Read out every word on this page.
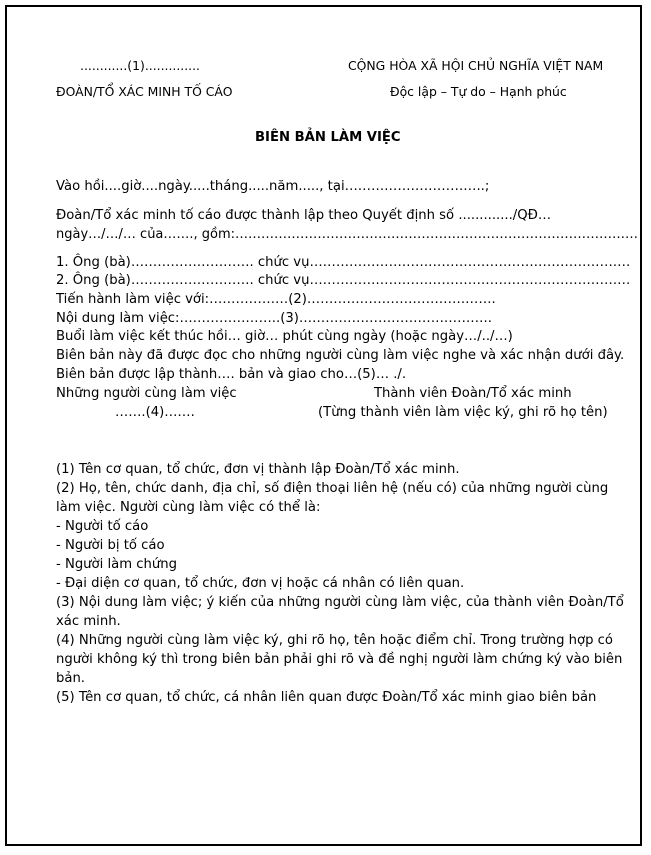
............(1)..............
ĐOÀN/TỔ XÁC MINH TỐ CÁO
CỘNG HÒA XÃ HỘI CHỦ NGHĨA VIỆT NAM
Độc lập – Tự do – Hạnh phúc
BIÊN BẢN LÀM VIỆC
Vào hồi....giờ....ngày.....tháng.....năm....., tại…………………………..;
Đoàn/Tổ xác minh tố cáo được thành lập theo Quyết định số ............./QĐ…
ngày…/…/… của……., gồm:…………………………………………………………………………………
1. Ông (bà)………………………. chức vụ……………………………………………………………….
2. Ông (bà)………………………. chức vụ……………………………………………………………….
Tiến hành làm việc với:………………(2)…………………………………….
Nội dung làm việc:…………………..(3)……………………………………..
Buổi làm việc kết thúc hồi… giờ… phút cùng ngày (hoặc ngày…/../…)
Biên bản này đã được đọc cho những người cùng làm việc nghe và xác nhận dưới đây.
Biên bản được lập thành…. bản và giao cho…(5)… ./.
Những người cùng làm việc
…….(4)…….
Thành viên Đoàn/Tổ xác minh
(Từng thành viên làm việc ký, ghi rõ họ tên)
(1) Tên cơ quan, tổ chức, đơn vị thành lập Đoàn/Tổ xác minh.
(2) Họ, tên, chức danh, địa chỉ, số điện thoại liên hệ (nếu có) của những người cùng
làm việc. Người cùng làm việc có thể là:
- Người tố cáo
- Người bị tố cáo
- Người làm chứng
- Đại diện cơ quan, tổ chức, đơn vị hoặc cá nhân có liên quan.
(3) Nội dung làm việc; ý kiến của những người cùng làm việc, của thành viên Đoàn/Tổ
xác minh.
(4) Những người cùng làm việc ký, ghi rõ họ, tên hoặc điểm chỉ. Trong trường hợp có
người không ký thì trong biên bản phải ghi rõ và đề nghị người làm chứng ký vào biên
bản.
(5) Tên cơ quan, tổ chức, cá nhân liên quan được Đoàn/Tổ xác minh giao biên bản
